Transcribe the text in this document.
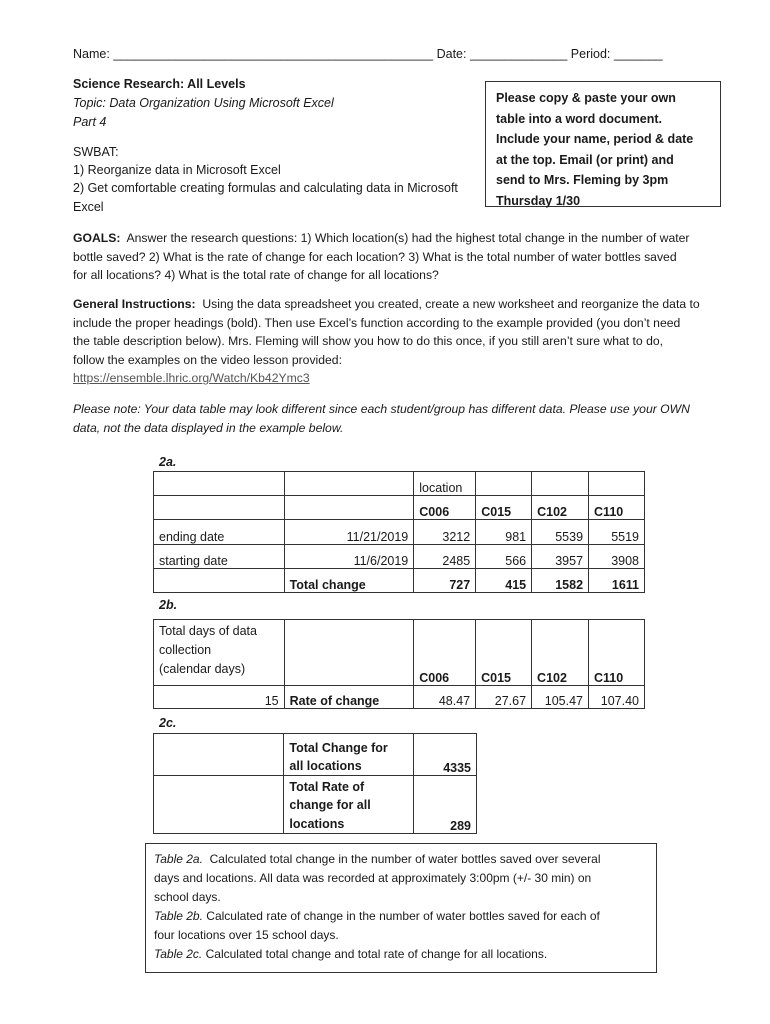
Name: ______________________________________________ Date: ______________ Period: _______
Science Research: All Levels
Topic: Data Organization Using Microsoft Excel
Part 4
SWBAT:
1) Reorganize data in Microsoft Excel
2) Get comfortable creating formulas and calculating data in Microsoft
Excel
Please copy & paste your own
table into a word document.
Include your name, period & date
at the top. Email (or print) and
send to Mrs. Fleming by 3pm
Thursday 1/30
GOALS: Answer the research questions: 1) Which location(s) had the highest total change in the number of water
bottle saved? 2) What is the rate of change for each location? 3) What is the total number of water bottles saved
for all locations? 4) What is the total rate of change for all locations?
General Instructions: Using the data spreadsheet you created, create a new worksheet and reorganize the data to
include the proper headings (bold). Then use Excel’s function according to the example provided (you don’t need
the table description below). Mrs. Fleming will show you how to do this once, if you still aren’t sure what to do,
follow the examples on the video lesson provided:
https://ensemble.lhric.org/Watch/Kb42Ymc3
Please note: Your data table may look different since each student/group has different data. Please use your OWN
data, not the data displayed in the example below.
2a.
		location			
		C006	C015	C102	C110
ending date	11/21/2019	3212	981	5539	5519
starting date	11/6/2019	2485	566	3957	3908
	Total change	727	415	1582	1611
2b.
Total days of data
collection
(calendar days)		C006	C015	C102	C110
15	Rate of change	48.47	27.67	105.47	107.40
2c.

	Total Change for
all locations	4335

	Total Rate of
change for all
locations	289
Table 2a. Calculated total change in the number of water bottles saved over several
days and locations. All data was recorded at approximately 3:00pm (+/- 30 min) on
school days.
Table 2b. Calculated rate of change in the number of water bottles saved for each of
four locations over 15 school days.
Table 2c. Calculated total change and total rate of change for all locations.
